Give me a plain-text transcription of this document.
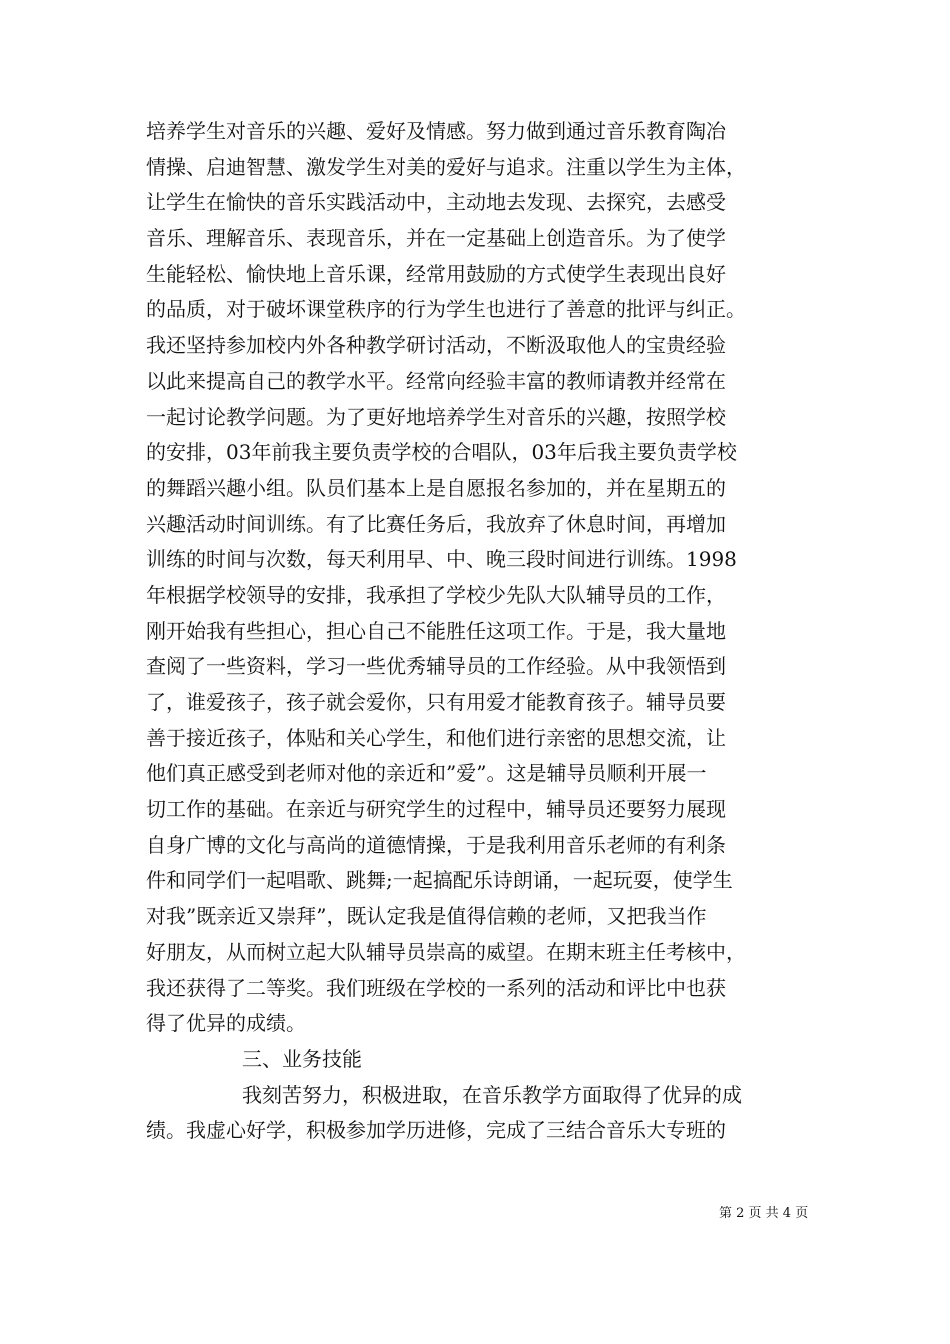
培养学生对音乐的兴趣、爱好及情感。努力做到通过音乐教育陶冶
情操、启迪智慧、激发学生对美的爱好与追求。注重以学生为主体，
让学生在愉快的音乐实践活动中，主动地去发现、去探究，去感受
音乐、理解音乐、表现音乐，并在一定基础上创造音乐。为了使学
生能轻松、愉快地上音乐课，经常用鼓励的方式使学生表现出良好
的品质，对于破坏课堂秩序的行为学生也进行了善意的批评与纠正。
我还坚持参加校内外各种教学研讨活动，不断汲取他人的宝贵经验
以此来提高自己的教学水平。经常向经验丰富的教师请教并经常在
一起讨论教学问题。为了更好地培养学生对音乐的兴趣，按照学校
的安排，03年前我主要负责学校的合唱队，03年后我主要负责学校
的舞蹈兴趣小组。队员们基本上是自愿报名参加的，并在星期五的
兴趣活动时间训练。有了比赛任务后，我放弃了休息时间，再增加
训练的时间与次数，每天利用早、中、晚三段时间进行训练。1998
年根据学校领导的安排，我承担了学校少先队大队辅导员的工作，
刚开始我有些担心，担心自己不能胜任这项工作。于是，我大量地
查阅了一些资料，学习一些优秀辅导员的工作经验。从中我领悟到
了，谁爱孩子，孩子就会爱你，只有用爱才能教育孩子。辅导员要
善于接近孩子，体贴和关心学生，和他们进行亲密的思想交流，让
他们真正感受到老师对他的亲近和”爱”。这是辅导员顺利开展一
切工作的基础。在亲近与研究学生的过程中，辅导员还要努力展现
自身广博的文化与高尚的道德情操，于是我利用音乐老师的有利条
件和同学们一起唱歌、跳舞;一起搞配乐诗朗诵，一起玩耍，使学生
对我”既亲近又崇拜”，既认定我是值得信赖的老师，又把我当作
好朋友，从而树立起大队辅导员崇高的威望。在期末班主任考核中，
我还获得了二等奖。我们班级在学校的一系列的活动和评比中也获
得了优异的成绩。
三、业务技能
我刻苦努力，积极进取，在音乐教学方面取得了优异的成
绩。我虚心好学，积极参加学历进修，完成了三结合音乐大专班的
第 2 页 共 4 页
